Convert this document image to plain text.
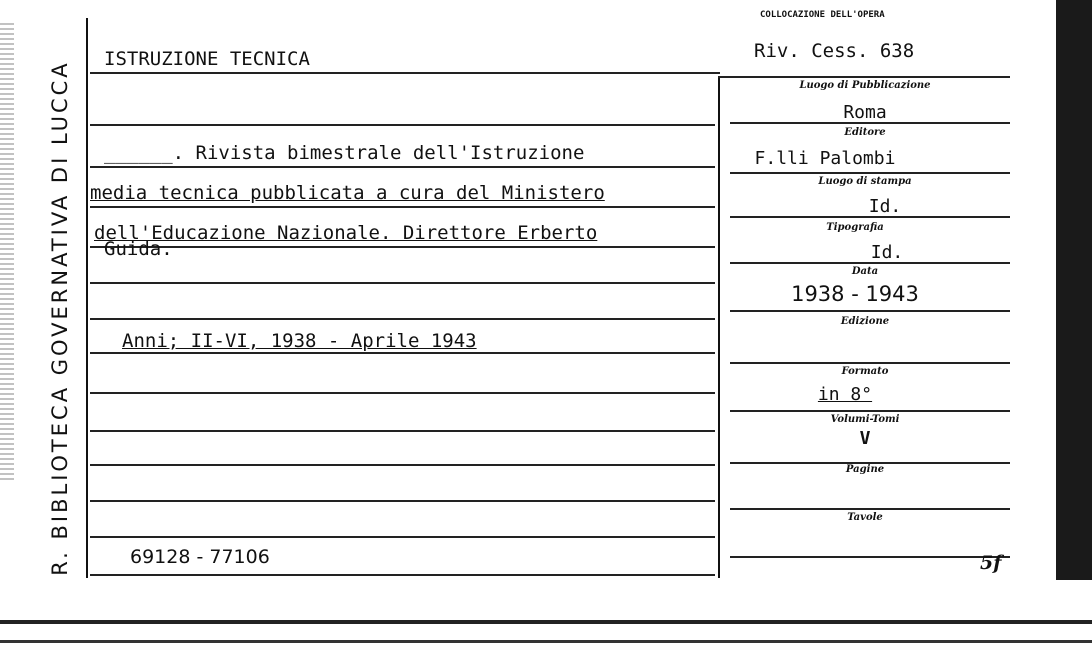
R. BIBLIOTECA GOVERNATIVA DI LUCCA
ISTRUZIONE TECNICA
______. Rivista bimestrale dell'Istruzione
media tecnica pubblicata a cura del Ministero
dell'Educazione Nazionale. Direttore Erberto
Guida.
Anni; II-VI, 1938 - Aprile 1943
69128 - 77106
COLLOCAZIONE DELL'OPERA
Riv. Cess. 638
Luogo di Pubblicazione
Roma
Editore
F.lli Palombi
Luogo di stampa
Id.
Tipografia
Id.
Data
1938 - 1943
Edizione
Formato
in 8°
Volumi-Tomi
V
Pagine
Tavole
5f
